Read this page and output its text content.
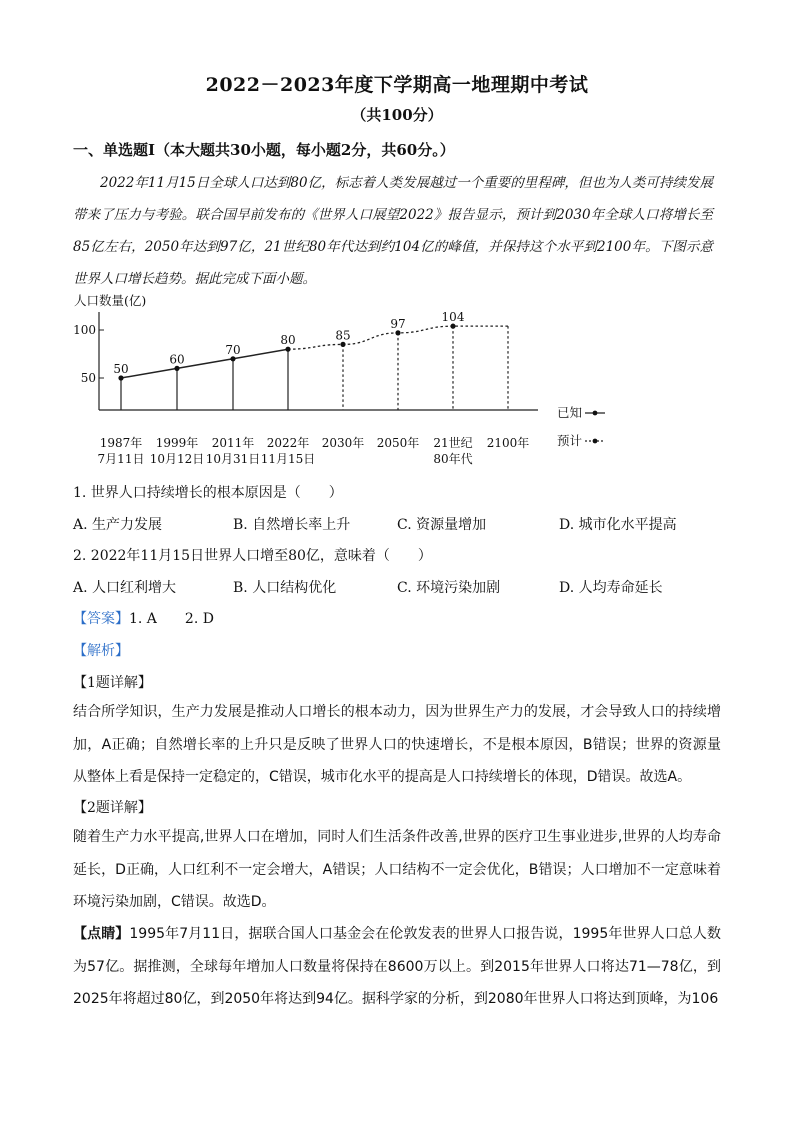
2022－2023年度下学期高一地理期中考试
（共100分）
一、单选题Ⅰ（本大题共30小题，每小题2分，共60分。）

2022年11月15日全球人口达到80亿，标志着人类发展越过一个重要的里程碑，但也为人类可持续发展带来了压力与考验。联合国早前发布的《世界人口展望2022》报告显示，预计到2030年全球人口将增长至85亿左右，2050年达到97亿，21世纪80年代达到约104亿的峰值，并保持这个水平到2100年。下图示意世界人口增长趋势。据此完成下面小题。

人口数量(亿)
50
100
50
60
70
80	85
97	104
1987年
7月11日
1999年
10月12日
2011年
10月31日
2022年
11月15日
2030年 2050年 21世纪
80年代
2100年
已知
预计
1. 世界人口持续增长的根本原因是（　　）
A. 生产力发展	B. 自然增长率上升	C. 资源量增加	D. 城市化水平提高
2. 2022年11月15日世界人口增至80亿，意味着（　　）
A. 人口红利增大	B. 人口结构优化	C. 环境污染加剧	D. 人均寿命延长
【答案】1. A　　2. D
【解析】
【1题详解】

结合所学知识，生产力发展是推动人口增长的根本动力，因为世界生产力的发展，才会导致人口的持续增加，A正确；自然增长率的上升只是反映了世界人口的快速增长，不是根本原因，B错误；世界的资源量从整体上看是保持一定稳定的，C错误，城市化水平的提高是人口持续增长的体现，D错误。故选A。

【2题详解】

随着生产力水平提高,世界人口在增加，同时人们生活条件改善,世界的医疗卫生事业进步,世界的人均寿命延长，D正确，人口红利不一定会增大，A错误；人口结构不一定会优化，B错误；人口增加不一定意味着环境污染加剧，C错误。故选D。

【点睛】1995年7月11日，据联合国人口基金会在伦敦发表的世界人口报告说，1995年世界人口总人数为57亿。据推测，全球每年增加人口数量将保持在8600万以上。到2015年世界人口将达71—78亿，到2025年将超过80亿，到2050年将达到94亿。据科学家的分析，到2080年世界人口将达到顶峰，为106
